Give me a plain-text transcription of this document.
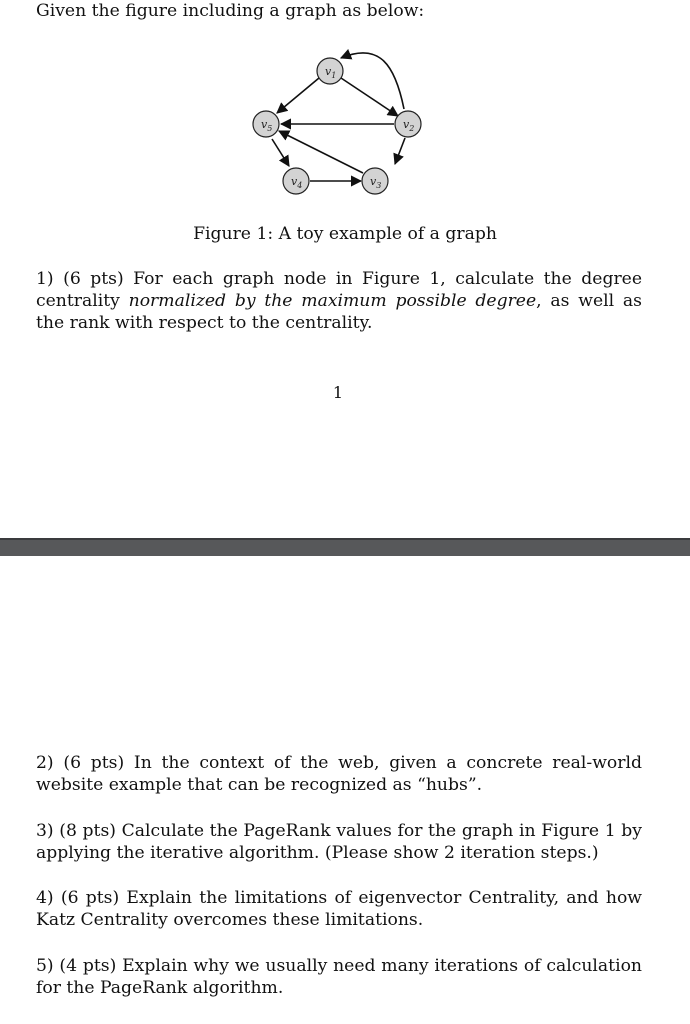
Given the figure including a graph as below:
$v_1$
$v_2$
$v_3$
$v_4$
$v_5$
Figure 1: A toy example of a graph
1) (6 pts) For each graph node in Figure 1, calculate the degree centrality normalized by the maximum possible degree, as well as the rank with respect to the centrality.
1
2) (6 pts) In the context of the web, given a concrete real-world website example that can be recognized as “hubs”.
3) (8 pts) Calculate the PageRank values for the graph in Figure 1 by applying the iterative algorithm. (Please show 2 iteration steps.)
4) (6 pts) Explain the limitations of eigenvector Centrality, and how Katz Centrality overcomes these limitations.
5) (4 pts) Explain why we usually need many iterations of calculation for the PageRank algorithm.
